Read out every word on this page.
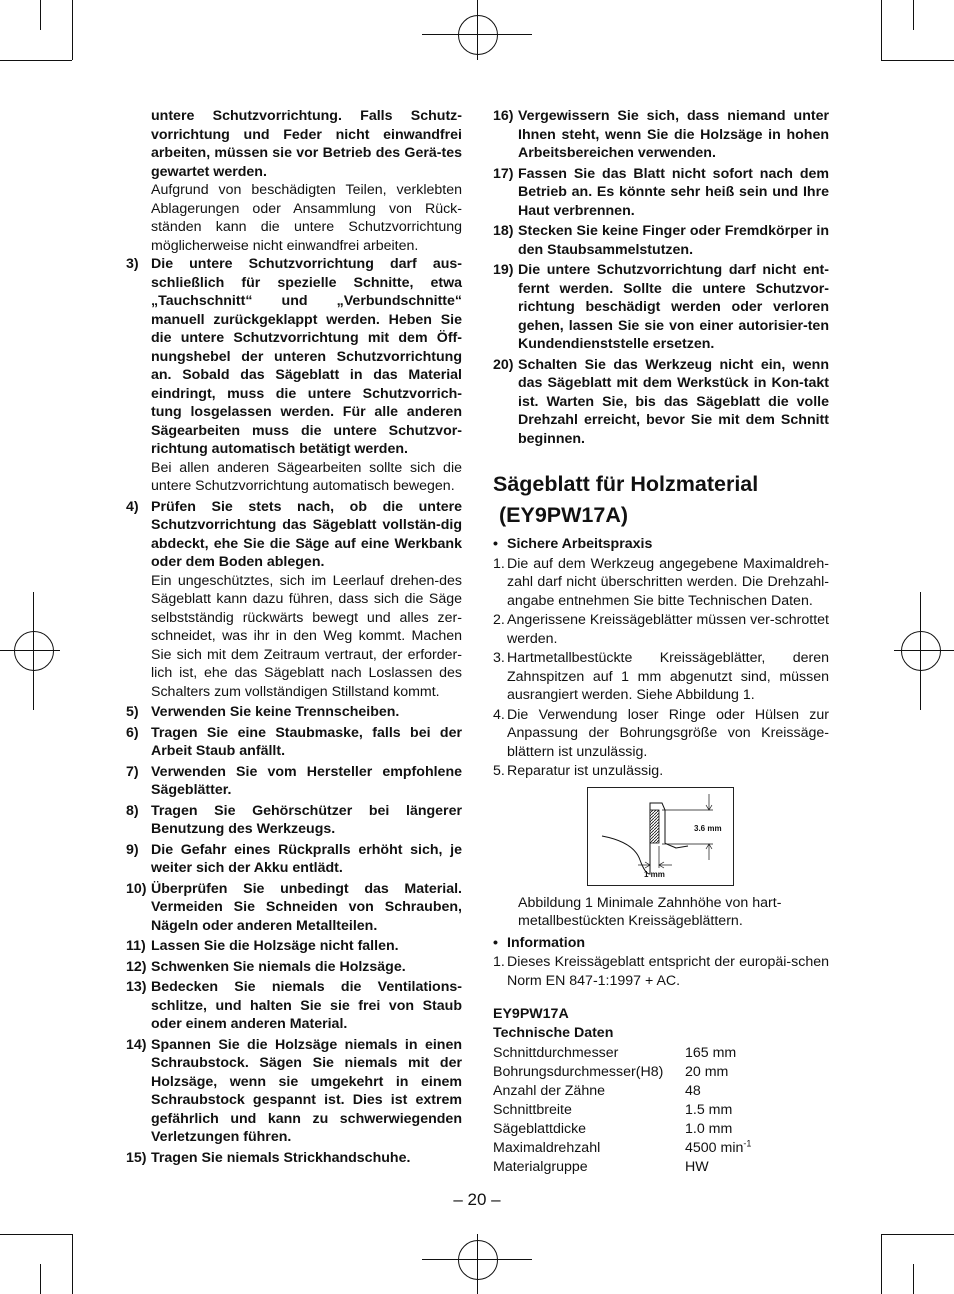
untere Schutzvorrichtung. Falls Schutz-vorrichtung und Feder nicht einwandfrei arbeiten, müssen sie vor Betrieb des Gerä-tes gewartet werden.
Aufgrund von beschädigten Teilen, verklebten Ablagerungen oder Ansammlung von Rück-ständen kann die untere Schutzvorrichtung möglicherweise nicht einwandfrei arbeiten.
3) Die untere Schutzvorrichtung darf aus-schließlich für spezielle Schnitte, etwa „Tauchschnitt“ und „Verbundschnitte“ manuell zurückgeklappt werden. Heben Sie die untere Schutzvorrichtung mit dem Öff-nungshebel der unteren Schutzvorrichtung an. Sobald das Sägeblatt in das Material eindringt, muss die untere Schutzvorrich-tung losgelassen werden. Für alle anderen Sägearbeiten muss die untere Schutzvor-richtung automatisch betätigt werden.
Bei allen anderen Sägearbeiten sollte sich die untere Schutzvorrichtung automatisch bewegen.
4) Prüfen Sie stets nach, ob die untere Schutzvorrichtung das Sägeblatt vollstän-dig abdeckt, ehe Sie die Säge auf eine Werkbank oder dem Boden ablegen.
Ein ungeschütztes, sich im Leerlauf drehen-des Sägeblatt kann dazu führen, dass sich die Säge selbstständig rückwärts bewegt und alles zer-schneidet, was ihr in den Weg kommt. Machen Sie sich mit dem Zeitraum vertraut, der erforder-lich ist, ehe das Sägeblatt nach Loslassen des Schalters zum vollständigen Stillstand kommt.
5) Verwenden Sie keine Trennscheiben.
6) Tragen Sie eine Staubmaske, falls bei der Arbeit Staub anfällt.
7) Verwenden Sie vom Hersteller empfohlene Sägeblätter.
8) Tragen Sie Gehörschützer bei längerer Benutzung des Werkzeugs.
9) Die Gefahr eines Rückpralls erhöht sich, je weiter sich der Akku entlädt.
10) Überprüfen Sie unbedingt das Material. Vermeiden Sie Schneiden von Schrauben, Nägeln oder anderen Metallteilen.
11) Lassen Sie die Holzsäge nicht fallen.
12) Schwenken Sie niemals die Holzsäge.
13) Bedecken Sie niemals die Ventilations-schlitze, und halten Sie sie frei von Staub oder einem anderen Material.
14) Spannen Sie die Holzsäge niemals in einen Schraubstock. Sägen Sie niemals mit der Holzsäge, wenn sie umgekehrt in einem Schraubstock gespannt ist. Dies ist extrem gefährlich und kann zu schwerwiegenden Verletzungen führen.
15) Tragen Sie niemals Strickhandschuhe.
16) Vergewissern Sie sich, dass niemand unter Ihnen steht, wenn Sie die Holzsäge in hohen Arbeitsbereichen verwenden.
17) Fassen Sie das Blatt nicht sofort nach dem Betrieb an. Es könnte sehr heiß sein und Ihre Haut verbrennen.
18) Stecken Sie keine Finger oder Fremdkörper in den Staubsammelstutzen.
19) Die untere Schutzvorrichtung darf nicht ent-fernt werden. Sollte die untere Schutzvor-richtung beschädigt werden oder verloren gehen, lassen Sie sie von einer autorisier-ten Kundendienststelle ersetzen.
20) Schalten Sie das Werkzeug nicht ein, wenn das Sägeblatt mit dem Werkstück in Kon-takt ist. Warten Sie, bis das Sägeblatt die volle Drehzahl erreicht, bevor Sie mit dem Schnitt beginnen.
Sägeblatt für Holzmaterial
(EY9PW17A)
• Sichere Arbeitspraxis
1. Die auf dem Werkzeug angegebene Maximaldreh-zahl darf nicht überschritten werden. Die Drehzahl-angabe entnehmen Sie bitte Technischen Daten.
2. Angerissene Kreissägeblätter müssen ver-schrottet werden.
3. Hartmetallbestückte Kreissägeblätter, deren Zahnspitzen auf 1 mm abgenutzt sind, müssen ausrangiert werden. Siehe Abbildung 1.
4. Die Verwendung loser Ringe oder Hülsen zur Anpassung der Bohrungsgröße von Kreissäge-blättern ist unzulässig.
5. Reparatur ist unzulässig.
3.6 mm
1 mm
Abbildung 1 Minimale Zahnhöhe von hart-metallbestückten Kreissägeblättern.
• Information
1. Dieses Kreissägeblatt entspricht der europäi-schen Norm EN 847-1:1997 + AC.
EY9PW17A
Technische Daten
Schnittdurchmesser	165 mm
Bohrungsdurchmesser(H8)	20 mm
Anzahl der Zähne	48
Schnittbreite	1.5 mm
Sägeblattdicke	1.0 mm
Maximaldrehzahl	4500 $\min^{-1}$
Materialgruppe	HW
– 20 –
